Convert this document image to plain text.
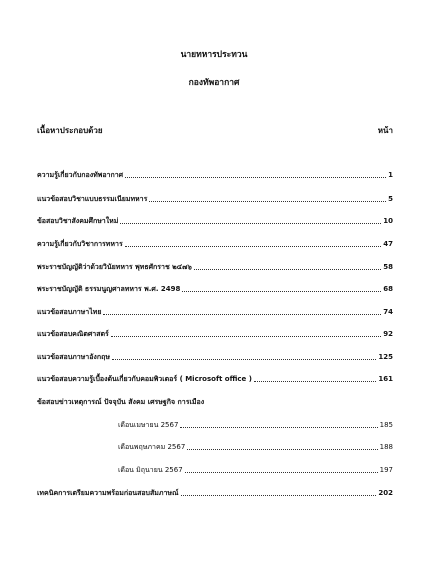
นายทหารประทวน
กองทัพอากาศ
เนื้อหาประกอบด้วย	หน้า
ความรู้เกี่ยวกับกองทัพอากาศ	1
แนวข้อสอบวิชาแบบธรรมเนียมทหาร	5
ข้อสอบวิชาสังคมศึกษาใหม่	10
ความรู้เกี่ยวกับวิชาการทหาร	47
พระราชบัญญัติว่าด้วยวินัยทหาร พุทธศักราช ๒๔๗๖	58
พระราชบัญญัติ ธรรมนูญศาลทหาร พ.ศ. 2498	68
แนวข้อสอบภาษาไทย	74
แนวข้อสอบคณิตศาสตร์	92
แนวข้อสอบภาษาอังกฤษ	125
แนวข้อสอบความรู้เบื้องต้นเกี่ยวกับคอมพิวเตอร์ ( Microsoft office )	161
ข้อสอบข่าวเหตุการณ์ ปัจจุบัน สังคม เศรษฐกิจ การเมือง
เดือนเมษายน 2567	185
เดือนพฤษภาคม 2567	188
เดือน มิถุนายน 2567	197
เทคนิคการเตรียมความพร้อมก่อนสอบสัมภาษณ์	202
